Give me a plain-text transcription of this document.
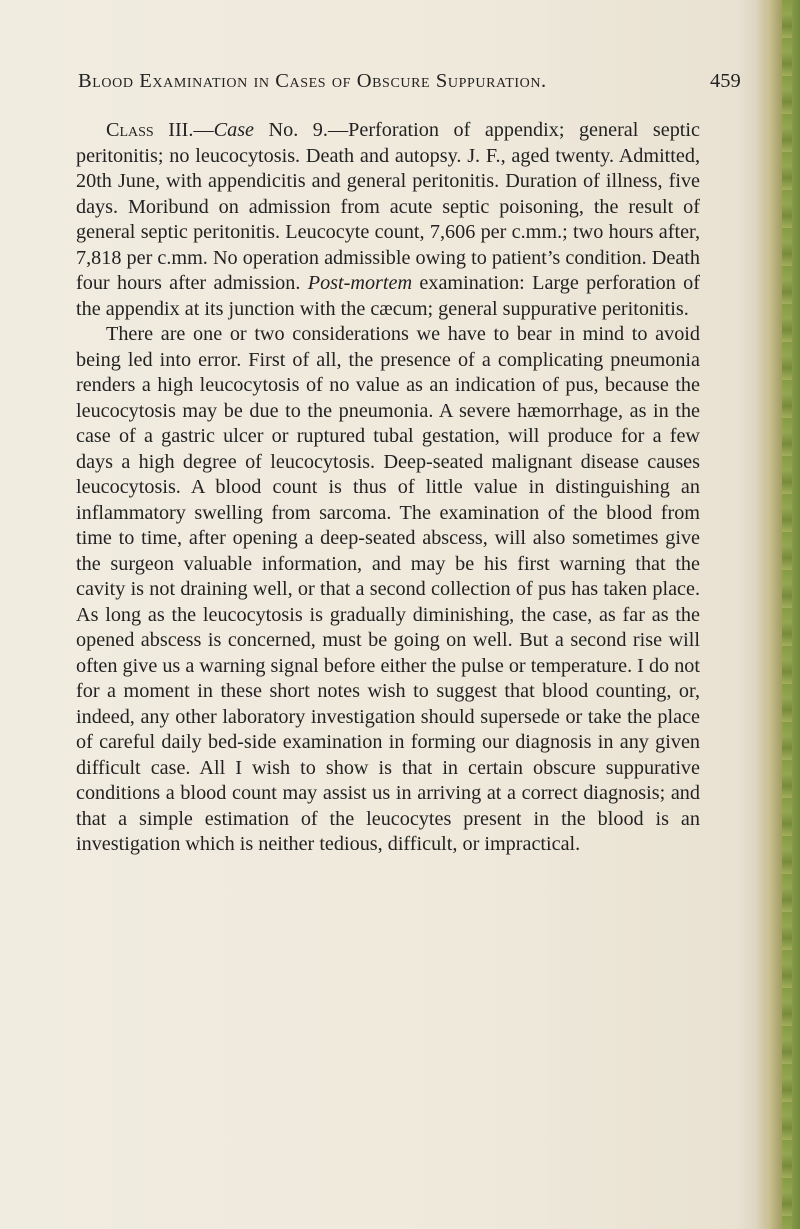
Blood Examination in Cases of Obscure Suppuration.	459

Class III.—Case No. 9.—Perforation of appendix; general septic peritonitis; no leucocytosis. Death and autopsy. J. F., aged twenty. Admitted, 20th June, with appendicitis and general peritonitis. Duration of illness, five days. Moribund on admission from acute septic poisoning, the result of general septic peritonitis. Leucocyte count, 7,606 per c.mm.; two hours after, 7,818 per c.mm. No operation admissible owing to patient’s condition. Death four hours after admission. Post-mortem examination: Large perforation of the appendix at its junction with the cæcum; general suppurative peritonitis.

There are one or two considerations we have to bear in mind to avoid being led into error. First of all, the presence of a complicating pneumonia renders a high leucocytosis of no value as an indication of pus, because the leucocytosis may be due to the pneumonia. A severe hæmorrhage, as in the case of a gastric ulcer or ruptured tubal gestation, will produce for a few days a high degree of leucocytosis. Deep-seated malignant disease causes leucocytosis. A blood count is thus of little value in distinguishing an inflammatory swelling from sarcoma. The examination of the blood from time to time, after opening a deep-seated abscess, will also sometimes give the surgeon valuable information, and may be his first warning that the cavity is not draining well, or that a second collection of pus has taken place. As long as the leucocytosis is gradually diminishing, the case, as far as the opened abscess is concerned, must be going on well. But a second rise will often give us a warning signal before either the pulse or temperature. I do not for a moment in these short notes wish to suggest that blood counting, or, indeed, any other laboratory investigation should supersede or take the place of careful daily bed-side examination in forming our diagnosis in any given difficult case. All I wish to show is that in certain obscure suppurative conditions a blood count may assist us in arriving at a correct diagnosis; and that a simple estimation of the leucocytes present in the blood is an investigation which is neither tedious, difficult, or impractical.
